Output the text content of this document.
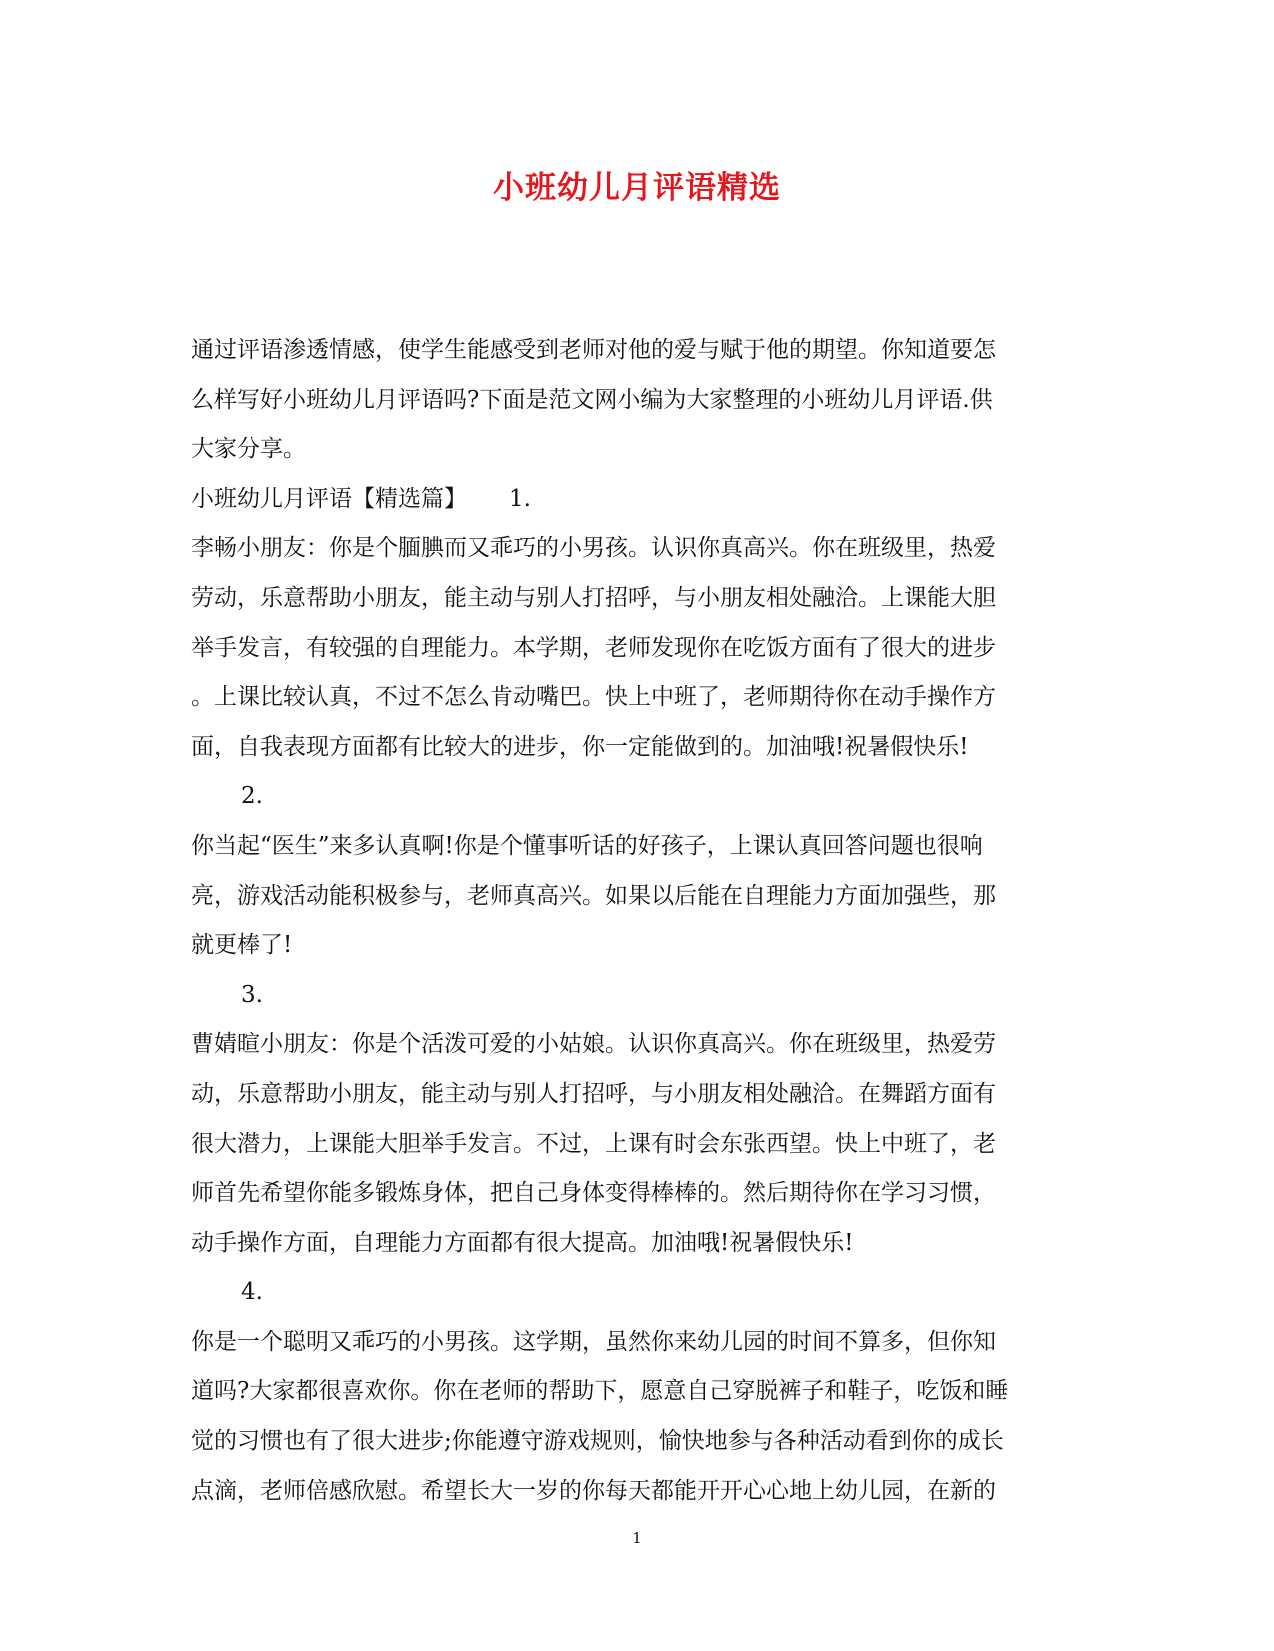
小班幼儿月评语精选

通过评语渗透情感，使学生能感受到老师对他的爱与赋于他的期望。你知道要怎

么样写好小班幼儿月评语吗?下面是范文网小编为大家整理的小班幼儿月评语.供

大家分享。

小班幼儿月评语【精选篇】 1.

李畅小朋友：你是个腼腆而又乖巧的小男孩。认识你真高兴。你在班级里，热爱

劳动，乐意帮助小朋友，能主动与别人打招呼，与小朋友相处融洽。上课能大胆

举手发言，有较强的自理能力。本学期，老师发现你在吃饭方面有了很大的进步

。上课比较认真，不过不怎么肯动嘴巴。快上中班了，老师期待你在动手操作方

面，自我表现方面都有比较大的进步，你一定能做到的。加油哦!祝暑假快乐!

2.

你当起“医生”来多认真啊!你是个懂事听话的好孩子，上课认真回答问题也很响

亮，游戏活动能积极参与，老师真高兴。如果以后能在自理能力方面加强些，那

就更棒了!

3.

曹婧暄小朋友：你是个活泼可爱的小姑娘。认识你真高兴。你在班级里，热爱劳

动，乐意帮助小朋友，能主动与别人打招呼，与小朋友相处融洽。在舞蹈方面有

很大潜力，上课能大胆举手发言。不过，上课有时会东张西望。快上中班了，老

师首先希望你能多锻炼身体，把自己身体变得棒棒的。然后期待你在学习习惯，

动手操作方面，自理能力方面都有很大提高。加油哦!祝暑假快乐!

4.

你是一个聪明又乖巧的小男孩。这学期，虽然你来幼儿园的时间不算多，但你知

道吗?大家都很喜欢你。你在老师的帮助下，愿意自己穿脱裤子和鞋子，吃饭和睡

觉的习惯也有了很大进步;你能遵守游戏规则，愉快地参与各种活动看到你的成长

点滴，老师倍感欣慰。希望长大一岁的你每天都能开开心心地上幼儿园，在新的

1
